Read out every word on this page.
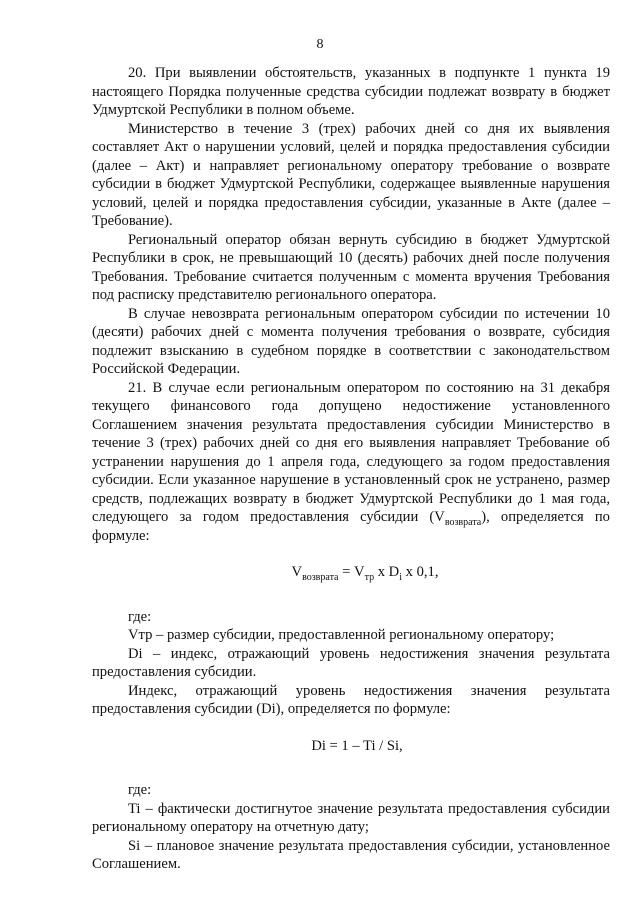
8

20. При выявлении обстоятельств, указанных в подпункте 1 пункта 19 настоящего Порядка полученные средства субсидии подлежат возврату в бюджет Удмуртской Республики в полном объеме.

Министерство в течение 3 (трех) рабочих дней со дня их выявления составляет Акт о нарушении условий, целей и порядка предоставления субсидии (далее – Акт) и направляет региональному оператору требование о возврате субсидии в бюджет Удмуртской Республики, содержащее выявленные нарушения условий, целей и порядка предоставления субсидии, указанные в Акте (далее – Требование).

Региональный оператор обязан вернуть субсидию в бюджет Удмуртской Республики в срок, не превышающий 10 (десять) рабочих дней после получения Требования. Требование считается полученным с момента вручения Требования под расписку представителю регионального оператора.

В случае невозврата региональным оператором субсидии по истечении 10 (десяти) рабочих дней с момента получения требования о возврате, субсидия подлежит взысканию в судебном порядке в соответствии с законодательством Российской Федерации.

21. В случае если региональным оператором по состоянию на 31 декабря текущего финансового года допущено недостижение установленного Соглашением значения результата предоставления субсидии Министерство в течение 3 (трех) рабочих дней со дня его выявления направляет Требование об устранении нарушения до 1 апреля года, следующего за годом предоставления субсидии. Если указанное нарушение в установленный срок не устранено, размер средств, подлежащих возврату в бюджет Удмуртской Республики до 1 мая года, следующего за годом предоставления субсидии $(V_{возврата})$, определяется по формуле:

$V_{возврата} = V_{тр}$ x $D_i$ x 0,1,

где:

Vтр – размер субсидии, предоставленной региональному оператору;

Di – индекс, отражающий уровень недостижения значения результата предоставления субсидии.

Индекс, отражающий уровень недостижения значения результата предоставления субсидии (Di), определяется по формуле:

Di = 1 – Ti / Si,

где:

Ti – фактически достигнутое значение результата предоставления субсидии региональному оператору на отчетную дату;

Si – плановое значение результата предоставления субсидии, установленное Соглашением.
